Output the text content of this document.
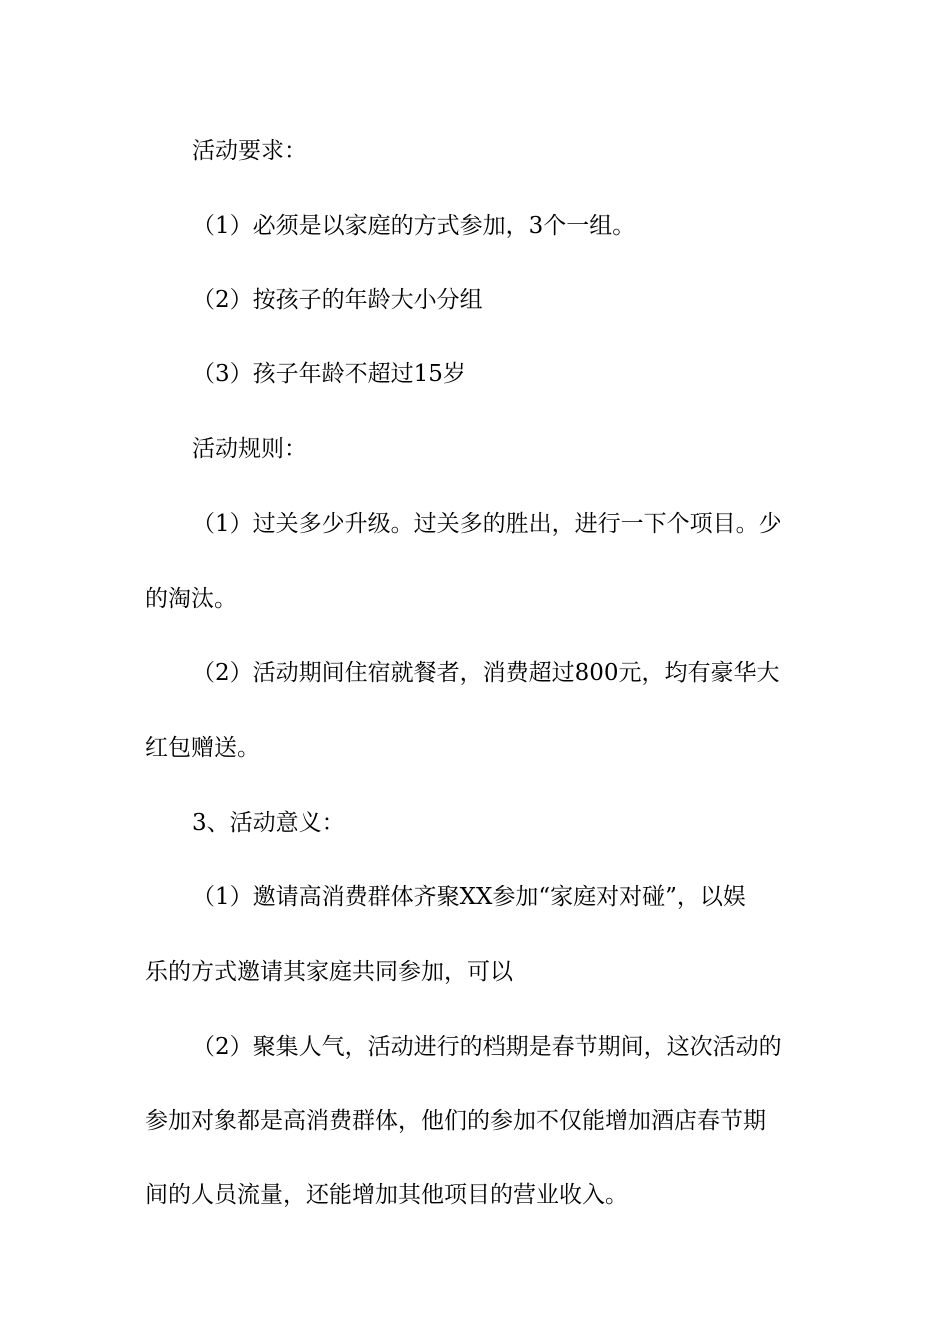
活动要求：
（1）必须是以家庭的方式参加，3个一组。
（2）按孩子的年龄大小分组
（3）孩子年龄不超过15岁
活动规则：
（1）过关多少升级。过关多的胜出，进行一下个项目。少
的淘汰。
（2）活动期间住宿就餐者，消费超过800元，均有豪华大
红包赠送。
3、活动意义：
（1）邀请高消费群体齐聚XX参加“家庭对对碰”，以娱
乐的方式邀请其家庭共同参加，可以
（2）聚集人气，活动进行的档期是春节期间，这次活动的
参加对象都是高消费群体，他们的参加不仅能增加酒店春节期
间的人员流量，还能增加其他项目的营业收入。
